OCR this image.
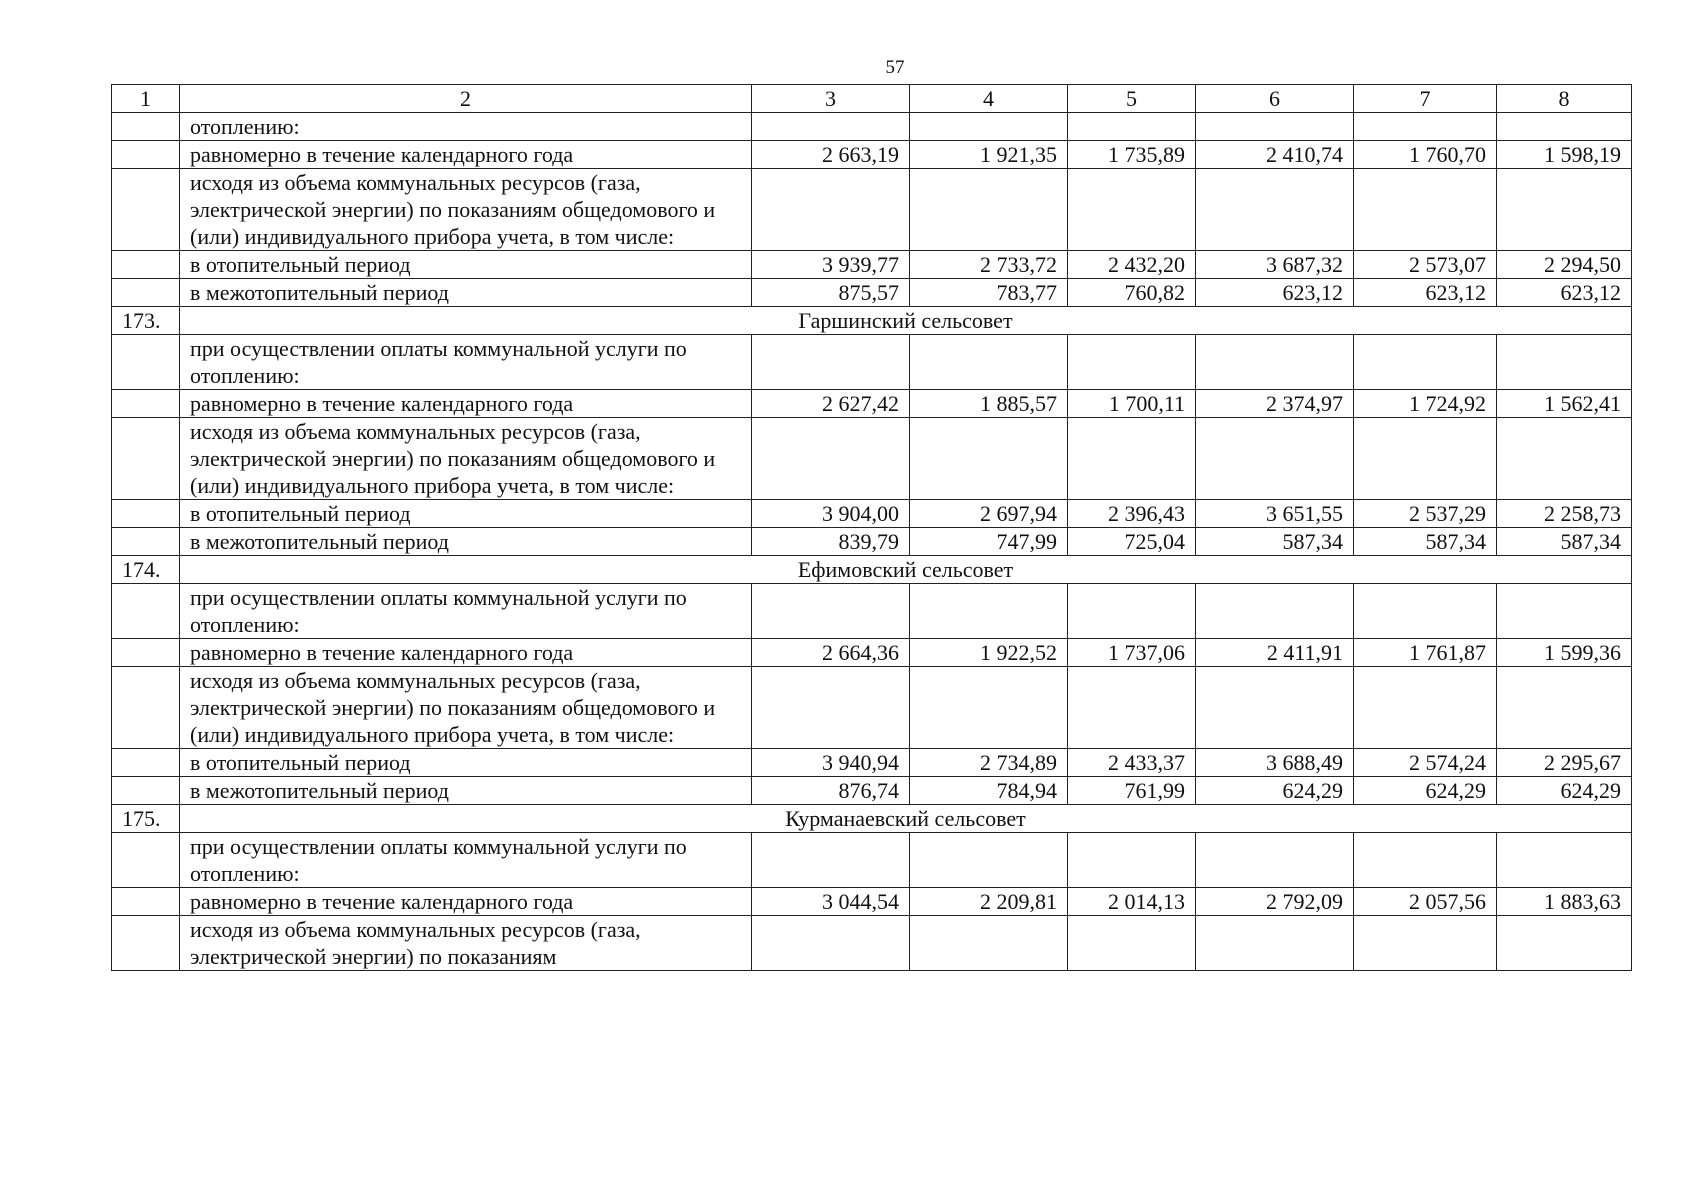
57
1	2	3	4	5	6	7	8
	отоплению:						
	равномерно в течение календарного года	2 663,19	1 921,35	1 735,89	2 410,74	1 760,70	1 598,19
	исходя из объема коммунальных ресурсов (газа, электрической энергии) по показаниям общедомового и (или) индивидуального прибора учета, в том числе:						
	в отопительный период	3 939,77	2 733,72	2 432,20	3 687,32	2 573,07	2 294,50
	в межотопительный период	875,57	783,77	760,82	623,12	623,12	623,12
173.	Гаршинский сельсовет						
	при осуществлении оплаты коммунальной услуги по отоплению:						
	равномерно в течение календарного года	2 627,42	1 885,57	1 700,11	2 374,97	1 724,92	1 562,41
	исходя из объема коммунальных ресурсов (газа, электрической энергии) по показаниям общедомового и (или) индивидуального прибора учета, в том числе:						
	в отопительный период	3 904,00	2 697,94	2 396,43	3 651,55	2 537,29	2 258,73
	в межотопительный период	839,79	747,99	725,04	587,34	587,34	587,34
174.	Ефимовский сельсовет						
	при осуществлении оплаты коммунальной услуги по отоплению:						
	равномерно в течение календарного года	2 664,36	1 922,52	1 737,06	2 411,91	1 761,87	1 599,36
	исходя из объема коммунальных ресурсов (газа, электрической энергии) по показаниям общедомового и (или) индивидуального прибора учета, в том числе:						
	в отопительный период	3 940,94	2 734,89	2 433,37	3 688,49	2 574,24	2 295,67
	в межотопительный период	876,74	784,94	761,99	624,29	624,29	624,29
175.	Курманаевский сельсовет						
	при осуществлении оплаты коммунальной услуги по отоплению:						
	равномерно в течение календарного года	3 044,54	2 209,81	2 014,13	2 792,09	2 057,56	1 883,63
	исходя из объема коммунальных ресурсов (газа, электрической энергии) по показаниям						
